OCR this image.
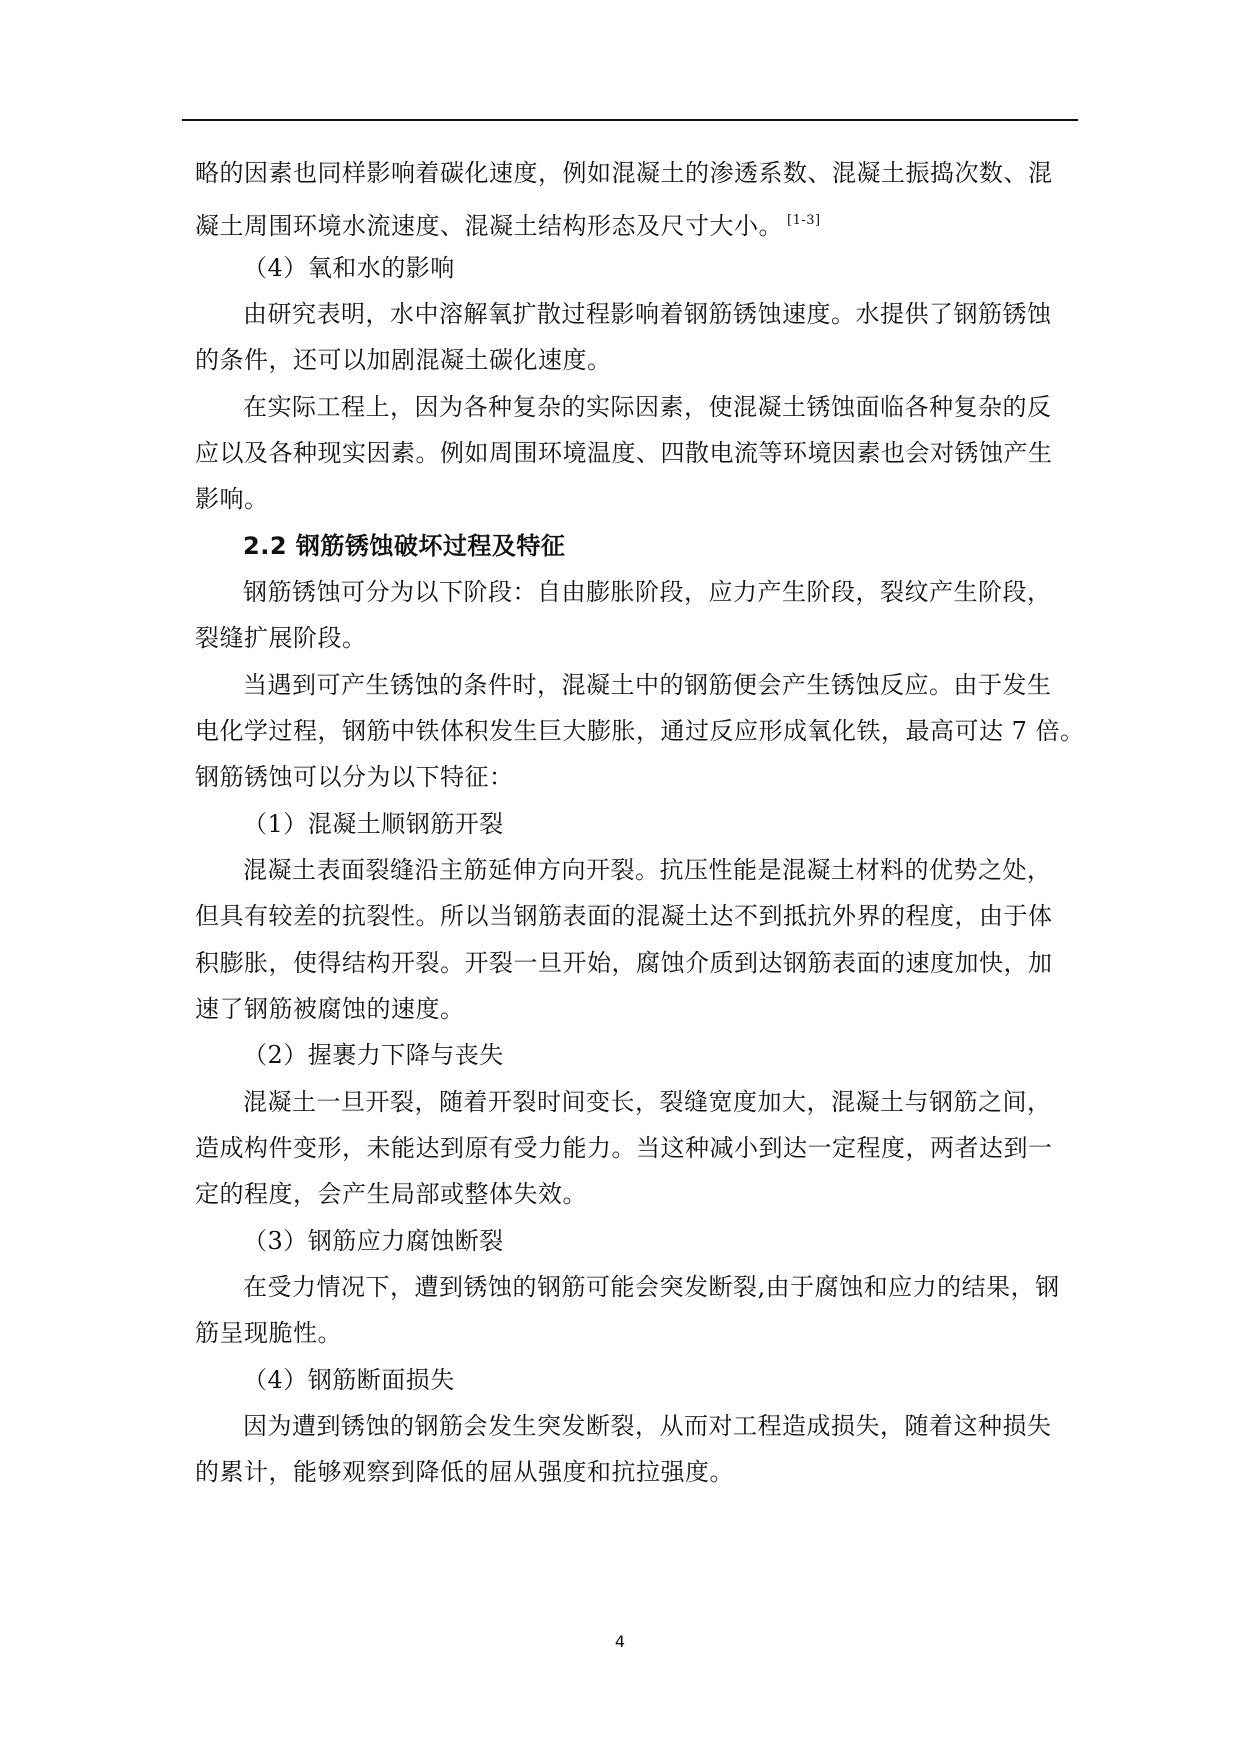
略的因素也同样影响着碳化速度，例如混凝土的渗透系数、混凝土振捣次数、混
凝土周围环境水流速度、混凝土结构形态及尺寸大小。 [1-3]
（4）氧和水的影响
由研究表明，水中溶解氧扩散过程影响着钢筋锈蚀速度。水提供了钢筋锈蚀
的条件，还可以加剧混凝土碳化速度。
在实际工程上，因为各种复杂的实际因素，使混凝土锈蚀面临各种复杂的反
应以及各种现实因素。例如周围环境温度、四散电流等环境因素也会对锈蚀产生
影响。
2.2 钢筋锈蚀破坏过程及特征
钢筋锈蚀可分为以下阶段：自由膨胀阶段，应力产生阶段，裂纹产生阶段，
裂缝扩展阶段。
当遇到可产生锈蚀的条件时，混凝土中的钢筋便会产生锈蚀反应。由于发生
电化学过程，钢筋中铁体积发生巨大膨胀，通过反应形成氧化铁，最高可达 7 倍。
钢筋锈蚀可以分为以下特征：
（1）混凝土顺钢筋开裂
混凝土表面裂缝沿主筋延伸方向开裂。抗压性能是混凝土材料的优势之处，
但具有较差的抗裂性。所以当钢筋表面的混凝土达不到抵抗外界的程度，由于体
积膨胀，使得结构开裂。开裂一旦开始，腐蚀介质到达钢筋表面的速度加快，加
速了钢筋被腐蚀的速度。
（2）握裹力下降与丧失
混凝土一旦开裂，随着开裂时间变长，裂缝宽度加大，混凝土与钢筋之间，
造成构件变形，未能达到原有受力能力。当这种减小到达一定程度，两者达到一
定的程度，会产生局部或整体失效。
（3）钢筋应力腐蚀断裂
在受力情况下，遭到锈蚀的钢筋可能会突发断裂,由于腐蚀和应力的结果，钢
筋呈现脆性。
（4）钢筋断面损失
因为遭到锈蚀的钢筋会发生突发断裂，从而对工程造成损失，随着这种损失
的累计，能够观察到降低的屈从强度和抗拉强度。
4
